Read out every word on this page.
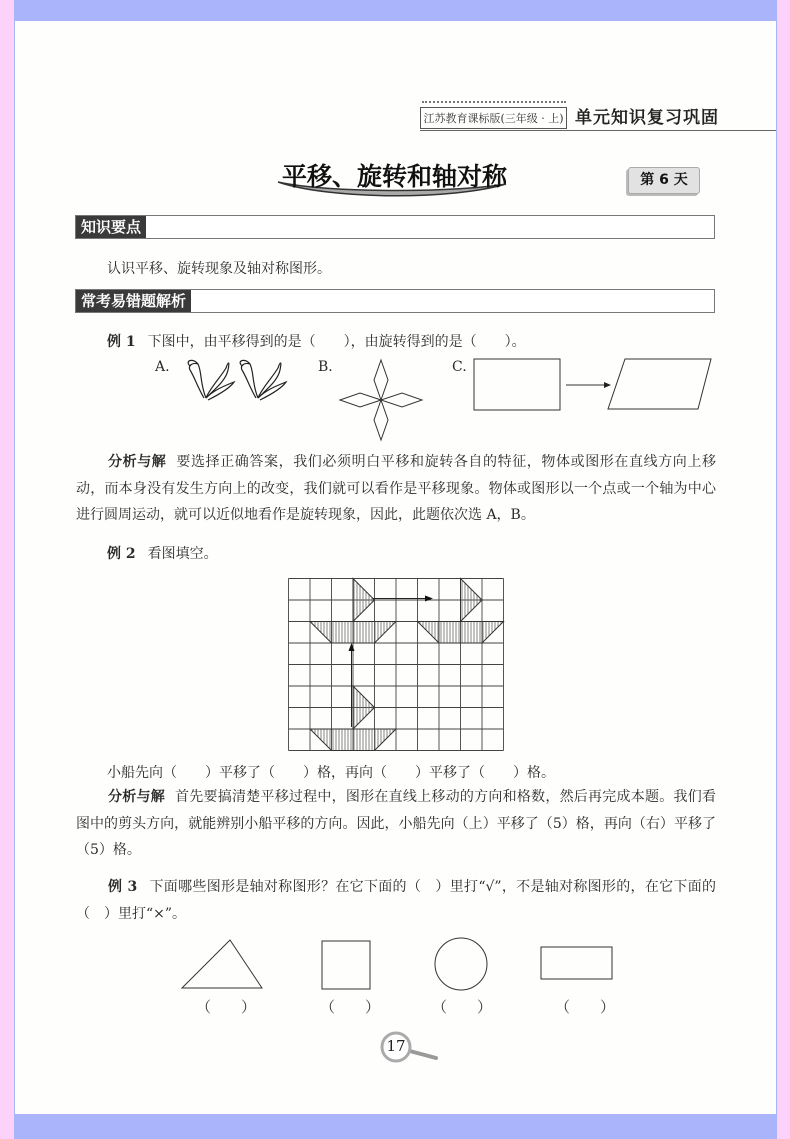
江苏教育课标版(三年级 · 上) 单元知识复习巩固
平移、旋转和轴对称	第 6 天
知识要点
认识平移、旋转现象及轴对称图形。
常考易错题解析
例 1 下图中，由平移得到的是（　　），由旋转得到的是（　　）。
A.	B.	C.
分析与解 要选择正确答案，我们必须明白平移和旋转各自的特征，物体或图形在直线方向上移动，而本身没有发生方向上的改变，我们就可以看作是平移现象。物体或图形以一个点或一个轴为中心进行圆周运动，就可以近似地看作是旋转现象，因此，此题依次选 A，B。
例 2 看图填空。
小船先向（　　）平移了（　　）格，再向（　　）平移了（　　）格。
分析与解 首先要搞清楚平移过程中，图形在直线上移动的方向和格数，然后再完成本题。我们看图中的剪头方向，就能辨别小船平移的方向。因此，小船先向（上）平移了（5）格，再向（右）平移了（5）格。
例 3 下面哪些图形是轴对称图形？在它下面的（　）里打“√”，不是轴对称图形的，在它下面的（　）里打“×”。
（　　）	（　　）	（　　）	（　　）
17
